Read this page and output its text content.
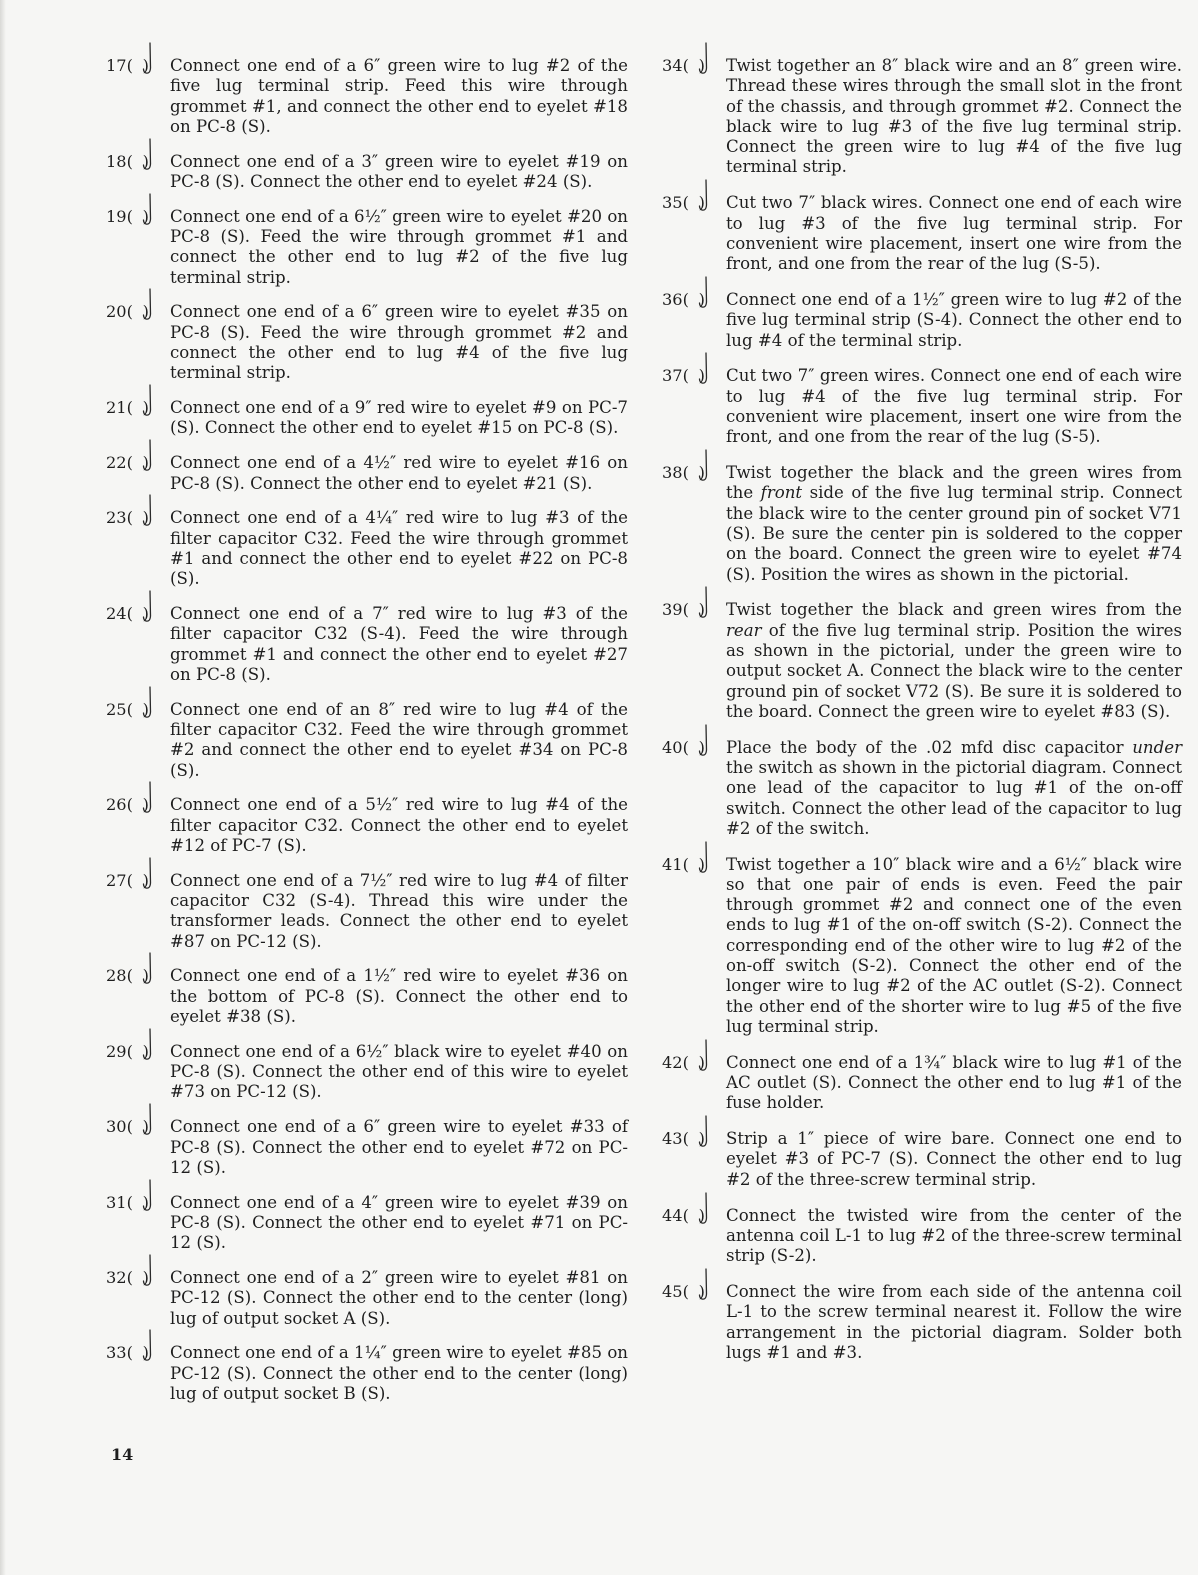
17(   )	Connect one end of a 6″ green wire to lug #2 of the five lug terminal strip. Feed this wire through grommet #1, and connect the other end to eyelet #18 on PC-8 (S).
18(   )	Connect one end of a 3″ green wire to eyelet #19 on PC-8 (S). Connect the other end to eyelet #24 (S).
19(   )	Connect one end of a 6½″ green wire to eyelet #20 on PC-8 (S). Feed the wire through grommet #1 and connect the other end to lug #2 of the five lug terminal strip.
20(   )	Connect one end of a 6″ green wire to eyelet #35 on PC-8 (S). Feed the wire through grommet #2 and connect the other end to lug #4 of the five lug terminal strip.
21(   )	Connect one end of a 9″ red wire to eyelet #9 on PC-7 (S). Connect the other end to eyelet #15 on PC-8 (S).
22(   )	Connect one end of a 4½″ red wire to eyelet #16 on PC-8 (S). Connect the other end to eyelet #21 (S).
23(   )	Connect one end of a 4¼″ red wire to lug #3 of the filter capacitor C32. Feed the wire through grommet #1 and connect the other end to eyelet #22 on PC-8 (S).
24(   )	Connect one end of a 7″ red wire to lug #3 of the filter capacitor C32 (S-4). Feed the wire through grommet #1 and connect the other end to eyelet #27 on PC-8 (S).
25(   )	Connect one end of an 8″ red wire to lug #4 of the filter capacitor C32. Feed the wire through grommet #2 and connect the other end to eyelet #34 on PC-8 (S).
26(   )	Connect one end of a 5½″ red wire to lug #4 of the filter capacitor C32. Connect the other end to eyelet #12 of PC-7 (S).
27(   )	Connect one end of a 7½″ red wire to lug #4 of filter capacitor C32 (S-4). Thread this wire under the transformer leads. Connect the other end to eyelet #87 on PC-12 (S).
28(   )	Connect one end of a 1½″ red wire to eyelet #36 on the bottom of PC-8 (S). Connect the other end to eyelet #38 (S).
29(   )	Connect one end of a 6½″ black wire to eyelet #40 on PC-8 (S). Connect the other end of this wire to eyelet #73 on PC-12 (S).
30(   )	Connect one end of a 6″ green wire to eyelet #33 of PC-8 (S). Connect the other end to eyelet #72 on PC-12 (S).
31(   )	Connect one end of a 4″ green wire to eyelet #39 on PC-8 (S). Connect the other end to eyelet #71 on PC-12 (S).
32(   )	Connect one end of a 2″ green wire to eyelet #81 on PC-12 (S). Connect the other end to the center (long) lug of output socket A (S).
33(   )	Connect one end of a 1¼″ green wire to eyelet #85 on PC-12 (S). Connect the other end to the center (long) lug of output socket B (S).
34(   )	Twist together an 8″ black wire and an 8″ green wire. Thread these wires through the small slot in the front of the chassis, and through grommet #2. Connect the black wire to lug #3 of the five lug terminal strip. Connect the green wire to lug #4 of the five lug terminal strip.
35(   )	Cut two 7″ black wires. Connect one end of each wire to lug #3 of the five lug terminal strip. For convenient wire placement, insert one wire from the front, and one from the rear of the lug (S-5).
36(   )	Connect one end of a 1½″ green wire to lug #2 of the five lug terminal strip (S-4). Connect the other end to lug #4 of the terminal strip.
37(   )	Cut two 7″ green wires. Connect one end of each wire to lug #4 of the five lug terminal strip. For convenient wire placement, insert one wire from the front, and one from the rear of the lug (S-5).
38(   )	Twist together the black and the green wires from the front side of the five lug terminal strip. Connect the black wire to the center ground pin of socket V71 (S). Be sure the center pin is soldered to the copper on the board. Connect the green wire to eyelet #74 (S). Position the wires as shown in the pictorial.
39(   )	Twist together the black and green wires from the rear of the five lug terminal strip. Position the wires as shown in the pictorial, under the green wire to output socket A. Connect the black wire to the center ground pin of socket V72 (S). Be sure it is soldered to the board. Connect the green wire to eyelet #83 (S).
40(   )	Place the body of the .02 mfd disc capacitor under the switch as shown in the pictorial diagram. Connect one lead of the capacitor to lug #1 of the on-off switch. Connect the other lead of the capacitor to lug #2 of the switch.
41(   )	Twist together a 10″ black wire and a 6½″ black wire so that one pair of ends is even. Feed the pair through grommet #2 and connect one of the even ends to lug #1 of the on-off switch (S-2). Connect the corresponding end of the other wire to lug #2 of the on-off switch (S-2). Connect the other end of the longer wire to lug #2 of the AC outlet (S-2). Connect the other end of the shorter wire to lug #5 of the five lug terminal strip.
42(   )	Connect one end of a 1¾″ black wire to lug #1 of the AC outlet (S). Connect the other end to lug #1 of the fuse holder.
43(   )	Strip a 1″ piece of wire bare. Connect one end to eyelet #3 of PC-7 (S). Connect the other end to lug #2 of the three-screw terminal strip.
44(   )	Connect the twisted wire from the center of the antenna coil L-1 to lug #2 of the three-screw terminal strip (S-2).
45(   )	Connect the wire from each side of the antenna coil L-1 to the screw terminal nearest it. Follow the wire arrangement in the pictorial diagram. Solder both lugs #1 and #3.
14
